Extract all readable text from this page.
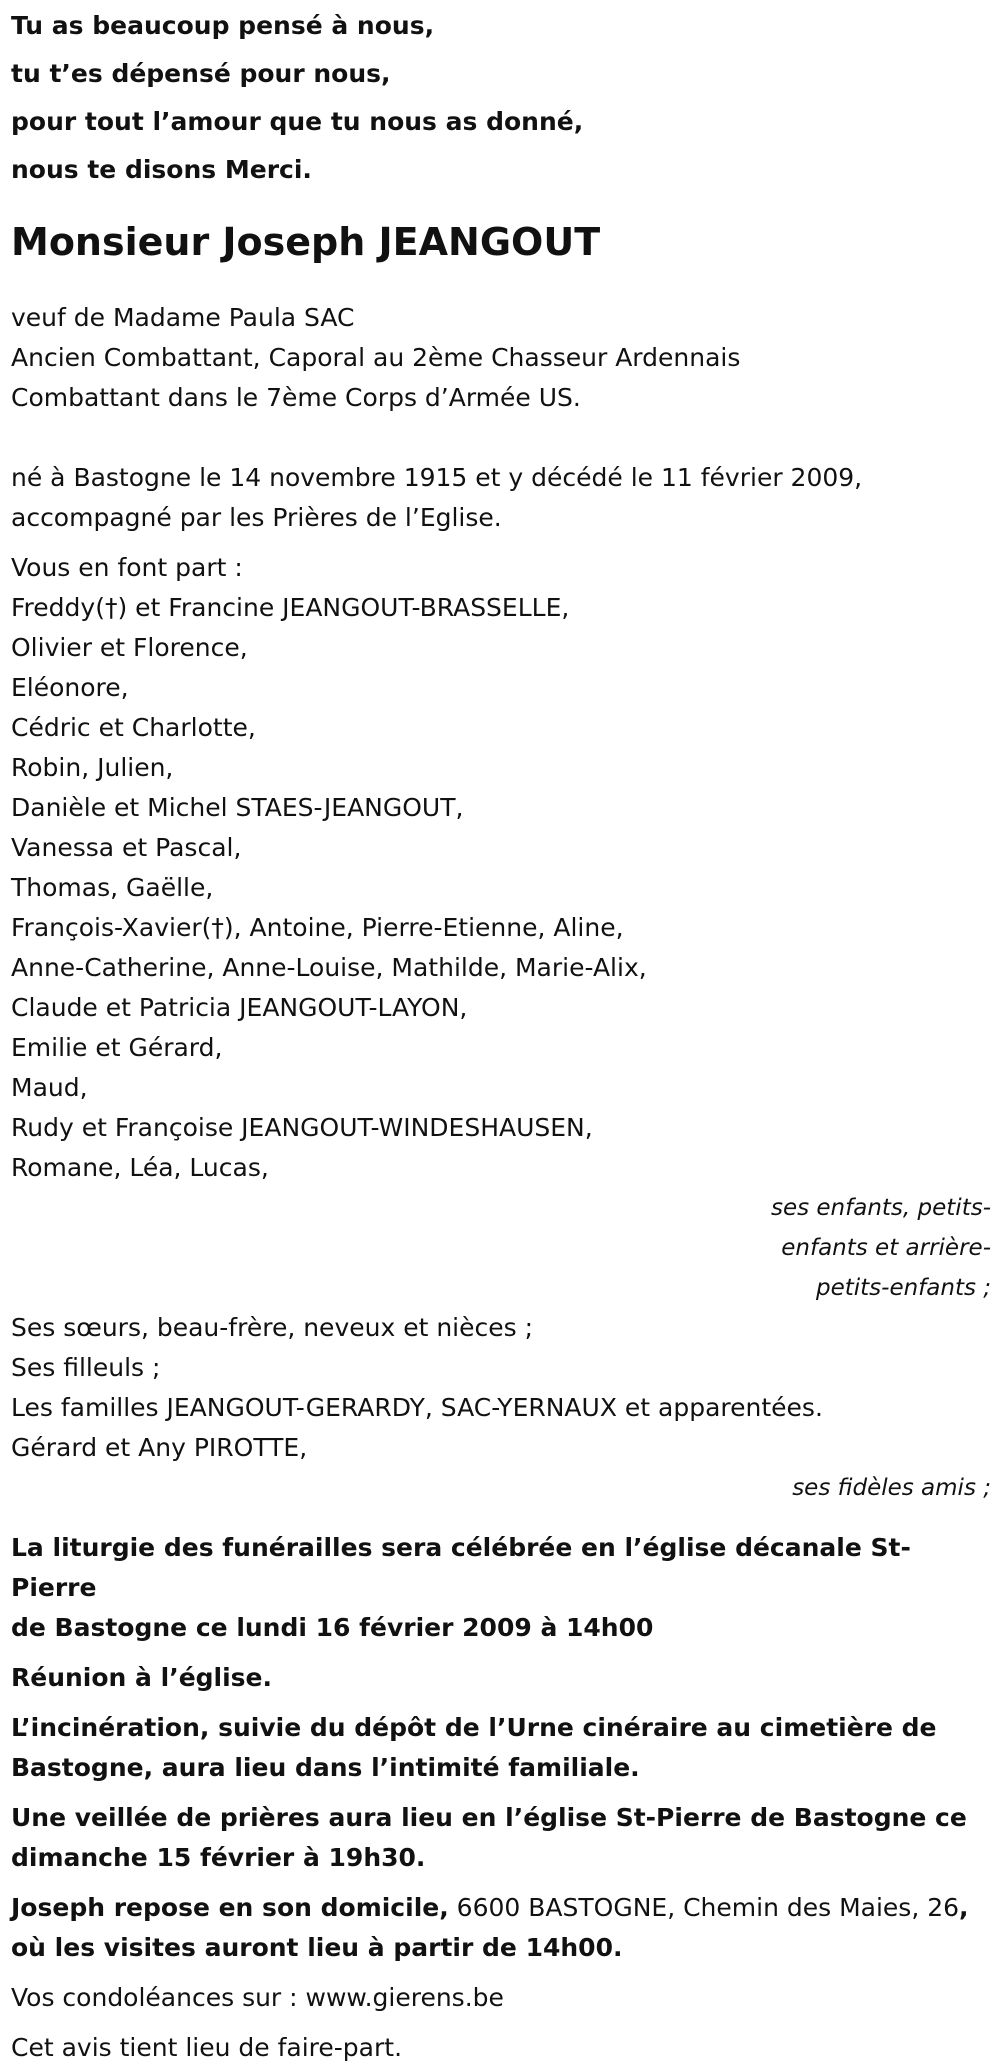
Tu as beaucoup pensé à nous,

tu t’es dépensé pour nous,

pour tout l’amour que tu nous as donné,

nous te disons Merci.

Monsieur Joseph JEANGOUT

veuf de Madame Paula SAC

Ancien Combattant, Caporal au 2ème Chasseur Ardennais

Combattant dans le 7ème Corps d’Armée US.

né à Bastogne le 14 novembre 1915 et y décédé le 11 février 2009,

accompagné par les Prières de l’Eglise.

Vous en font part :

Freddy(†) et Francine JEANGOUT-BRASSELLE,

Olivier et Florence,

Eléonore,

Cédric et Charlotte,

Robin, Julien,

Danièle et Michel STAES-JEANGOUT,

Vanessa et Pascal,

Thomas, Gaëlle,

François-Xavier(†), Antoine, Pierre-Etienne, Aline,

Anne-Catherine, Anne-Louise, Mathilde, Marie-Alix,

Claude et Patricia JEANGOUT-LAYON,

Emilie et Gérard,

Maud,

Rudy et Françoise JEANGOUT-WINDESHAUSEN,

Romane, Léa, Lucas,

ses enfants, petits-

enfants et arrière-

petits-enfants ;

Ses sœurs, beau-frère, neveux et nièces ;

Ses filleuls ;

Les familles JEANGOUT-GERARDY, SAC-YERNAUX et apparentées.

Gérard et Any PIROTTE,

ses fidèles amis ;

La liturgie des funérailles sera célébrée en l’église décanale St-Pierre
de Bastogne ce lundi 16 février 2009 à 14h00

Réunion à l’église.

L’incinération, suivie du dépôt de l’Urne cinéraire au cimetière de
Bastogne, aura lieu dans l’intimité familiale.

Une veillée de prières aura lieu en l’église St-Pierre de Bastogne ce
dimanche 15 février à 19h30.

Joseph repose en son domicile, 6600 BASTOGNE, Chemin des Maies, 26,
où les visites auront lieu à partir de 14h00.

Vos condoléances sur : www.gierens.be

Cet avis tient lieu de faire-part.
